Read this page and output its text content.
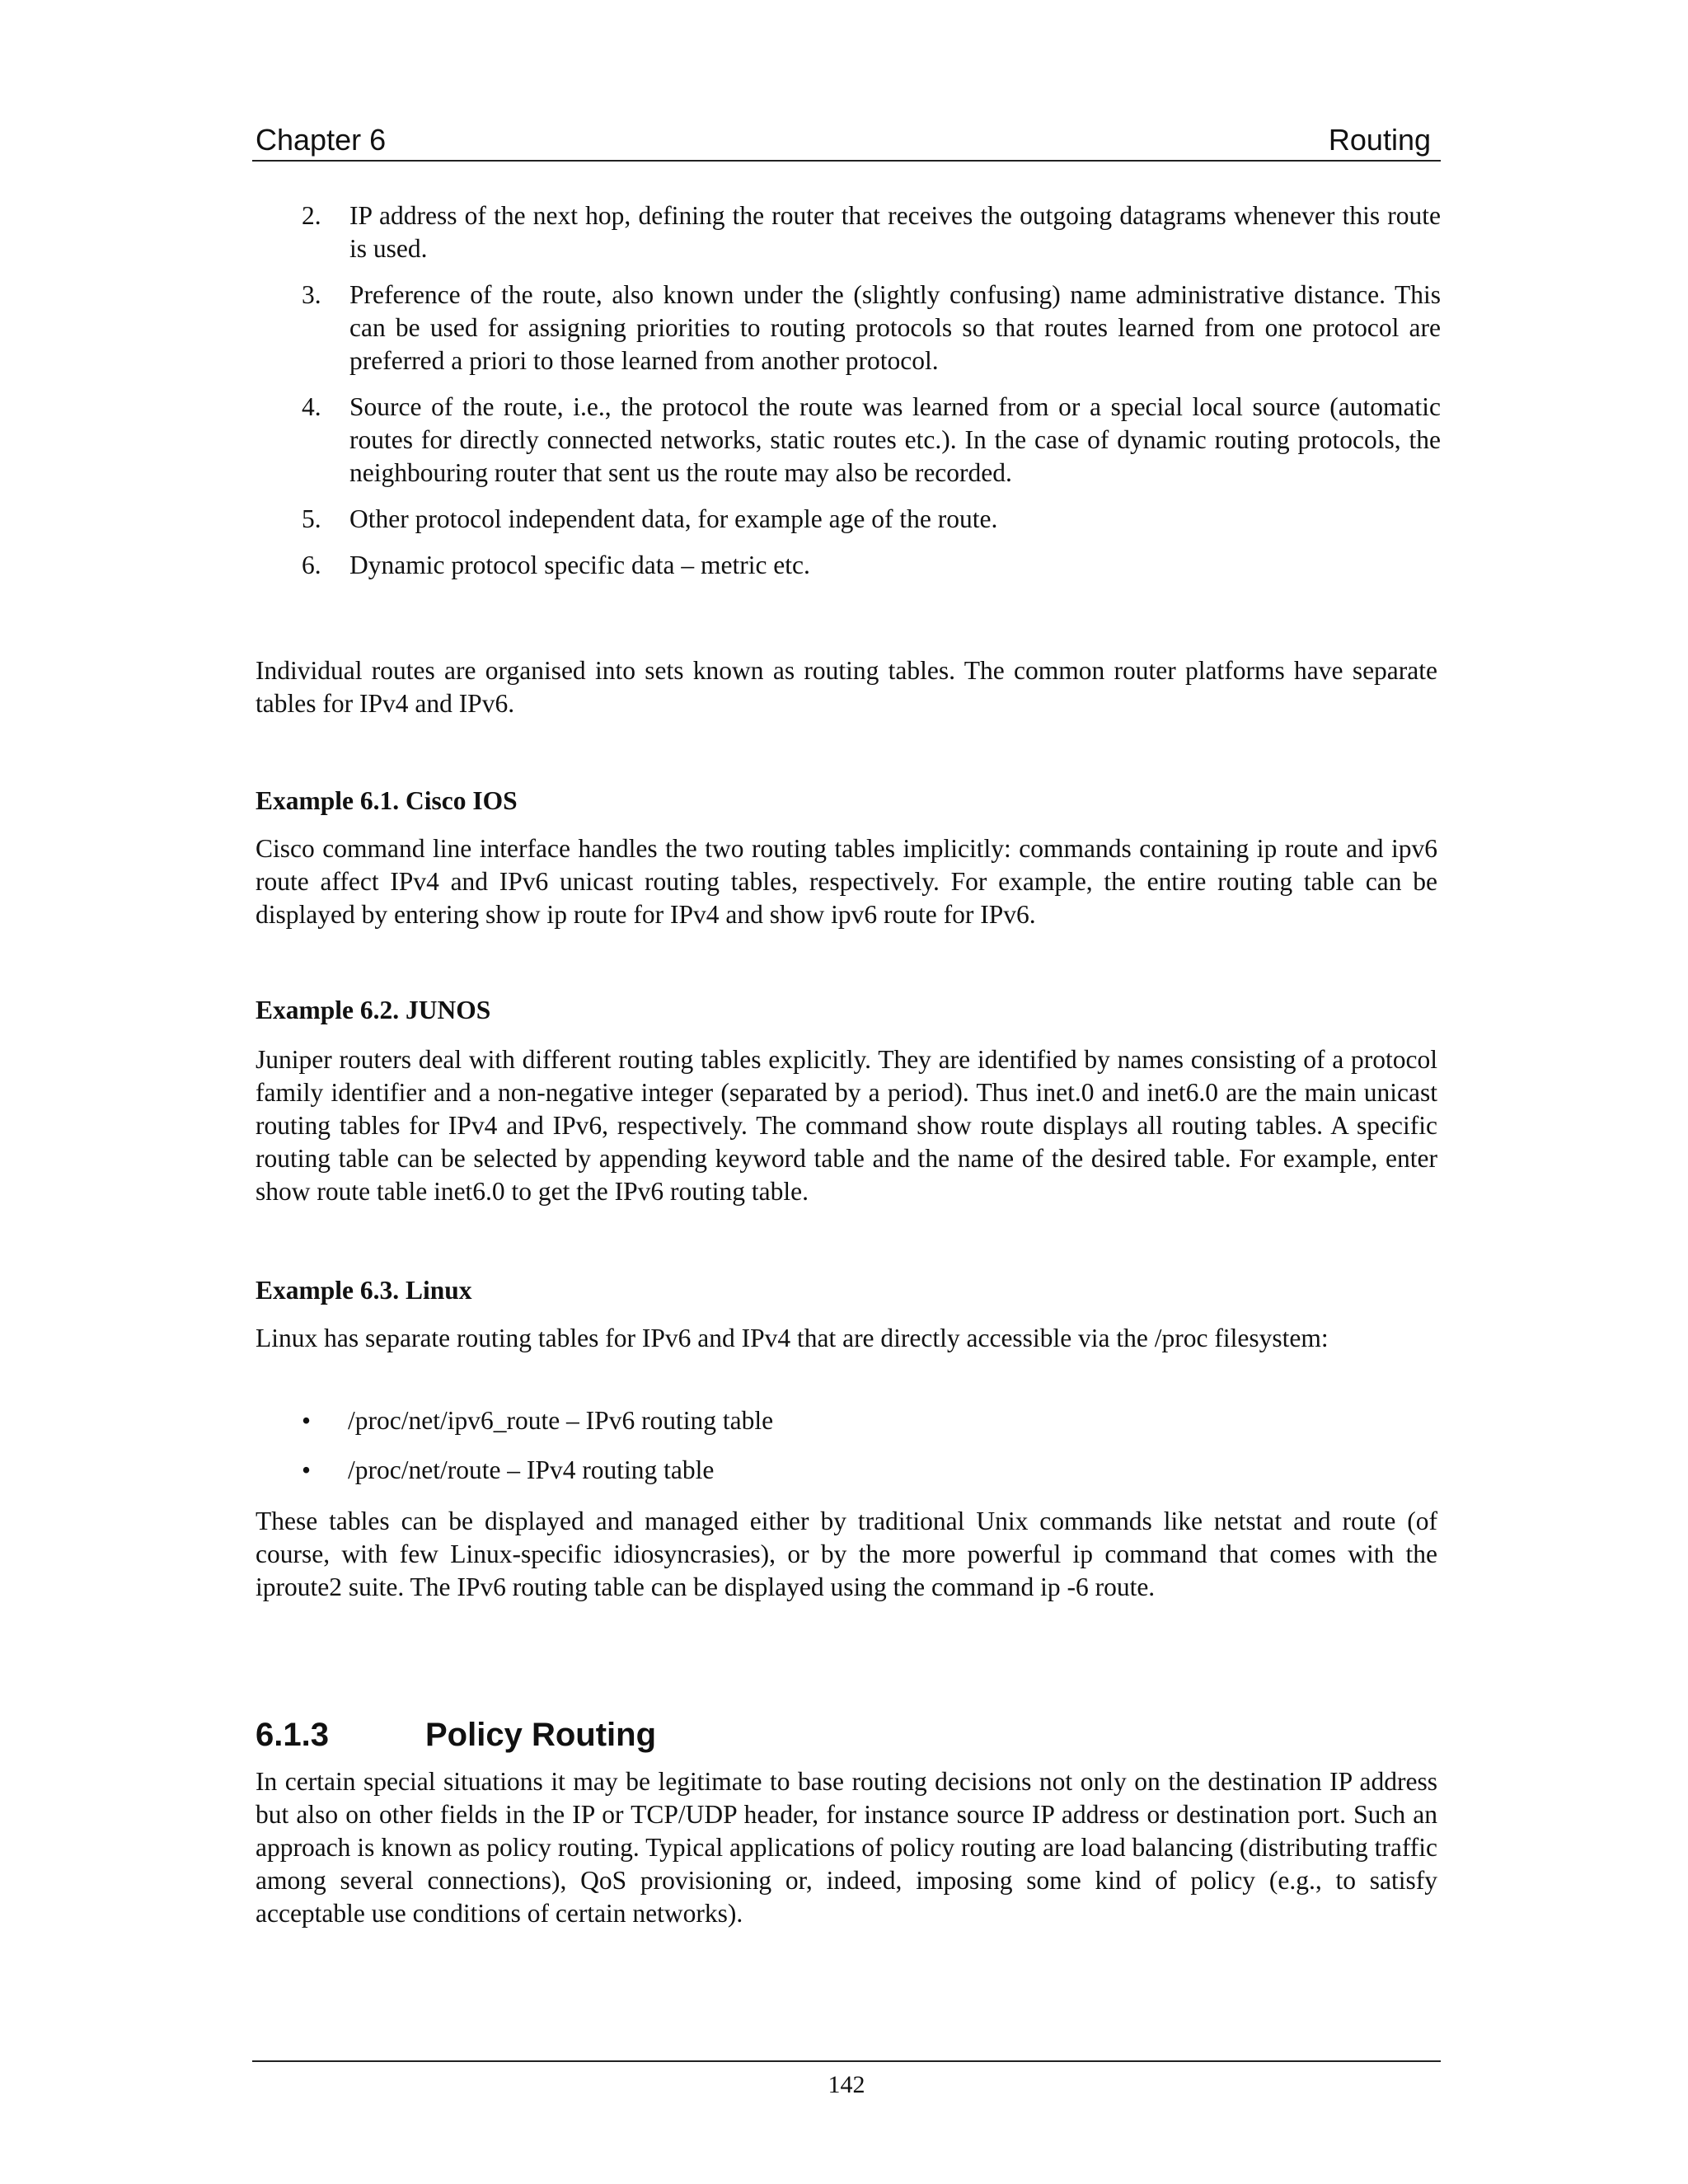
Chapter 6	Routing
2. IP address of the next hop, defining the router that receives the outgoing datagrams whenever this route is used.
3. Preference of the route, also known under the (slightly confusing) name administrative distance. This can be used for assigning priorities to routing protocols so that routes learned from one protocol are preferred a priori to those learned from another protocol.
4. Source of the route, i.e., the protocol the route was learned from or a special local source (automatic routes for directly connected networks, static routes etc.). In the case of dynamic routing protocols, the neighbouring router that sent us the route may also be recorded.
5. Other protocol independent data, for example age of the route.
6. Dynamic protocol specific data – metric etc.

Individual routes are organised into sets known as routing tables. The common router platforms have separate tables for IPv4 and IPv6.

Example 6.1. Cisco IOS

Cisco command line interface handles the two routing tables implicitly: commands containing ip route and ipv6 route affect IPv4 and IPv6 unicast routing tables, respectively. For example, the entire routing table can be displayed by entering show ip route for IPv4 and show ipv6 route for IPv6.

Example 6.2. JUNOS

Juniper routers deal with different routing tables explicitly. They are identified by names consisting of a protocol family identifier and a non-negative integer (separated by a period). Thus inet.0 and inet6.0 are the main unicast routing tables for IPv4 and IPv6, respectively. The command show route displays all routing tables. A specific routing table can be selected by appending keyword table and the name of the desired table. For example, enter show route table inet6.0 to get the IPv6 routing table.

Example 6.3. Linux

Linux has separate routing tables for IPv6 and IPv4 that are directly accessible via the /proc filesystem:

• /proc/net/ipv6_route – IPv6 routing table
• /proc/net/route – IPv4 routing table

These tables can be displayed and managed either by traditional Unix commands like netstat and route (of course, with few Linux-specific idiosyncrasies), or by the more powerful ip command that comes with the iproute2 suite. The IPv6 routing table can be displayed using the command ip -6 route.

6.1.3	Policy Routing

In certain special situations it may be legitimate to base routing decisions not only on the destination IP address but also on other fields in the IP or TCP/UDP header, for instance source IP address or destination port. Such an approach is known as policy routing. Typical applications of policy routing are load balancing (distributing traffic among several connections), QoS provisioning or, indeed, imposing some kind of policy (e.g., to satisfy acceptable use conditions of certain networks).

142
